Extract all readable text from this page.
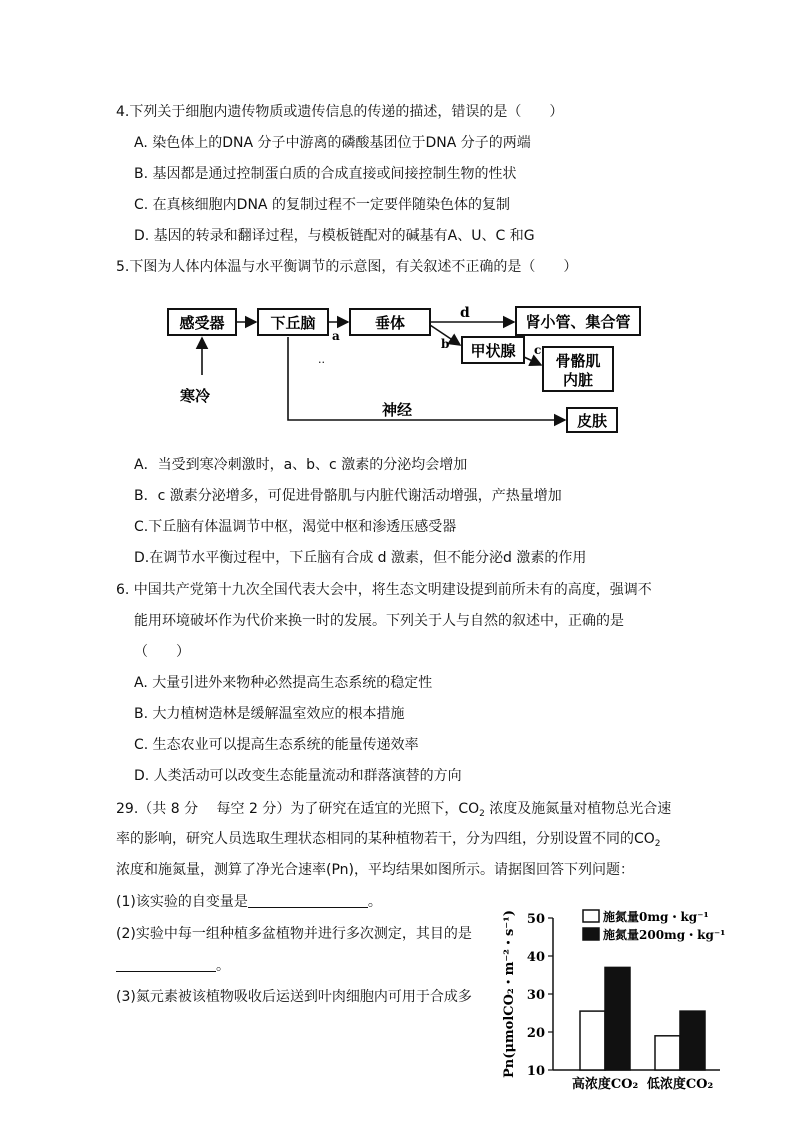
4.下列关于细胞内遗传物质或遗传信息的传递的描述，错误的是（　　）
A. 染色体上的DNA 分子中游离的磷酸基团位于DNA 分子的两端
B. 基因都是通过控制蛋白质的合成直接或间接控制生物的性状
C. 在真核细胞内DNA 的复制过程不一定要伴随染色体的复制
D. 基因的转录和翻译过程，与模板链配对的碱基有A、U、C 和G
5.下图为人体内体温与水平衡调节的示意图，有关叙述不正确的是（　　）
感受器	下丘脑	垂体	肾小管、集合管
甲状腺
骨骼肌
内脏
皮肤
a
d
b	c
寒冷
神经
..
A．当受到寒冷刺激时，a、b、c 激素的分泌均会增加
B．c 激素分泌增多，可促进骨骼肌与内脏代谢活动增强，产热量增加
C.下丘脑有体温调节中枢，渴觉中枢和渗透压感受器
D.在调节水平衡过程中，下丘脑有合成 d 激素，但不能分泌d 激素的作用
6. 中国共产党第十九次全国代表大会中，将生态文明建设提到前所未有的高度，强调不
能用环境破坏作为代价来换一时的发展。下列关于人与自然的叙述中，正确的是
（　　）
A. 大量引进外来物种必然提高生态系统的稳定性
B. 大力植树造林是缓解温室效应的根本措施
C. 生态农业可以提高生态系统的能量传递效率
D. 人类活动可以改变生态能量流动和群落演替的方向
29.（共 8 分　 每空 2 分）为了研究在适宜的光照下，$CO_2$ 浓度及施氮量对植物总光合速
率的影响，研究人员选取生理状态相同的某种植物若干，分为四组，分别设置不同的$CO_2$
浓度和施氮量，测算了净光合速率(Pn)，平均结果如图所示。请据图回答下列问题：
(1)该实验的自变量是	。
(2)实验中每一组种植多盆植物并进行多次测定，其目的是
。
(3)氮元素被该植物吸收后运送到叶肉细胞内可用于合成多
10
20
30
40
50
Pn(μmolCO₂・m⁻²・s⁻¹)
高浓度CO₂ 低浓度CO₂
施氮量0mg・kg⁻¹
施氮量200mg・kg⁻¹
